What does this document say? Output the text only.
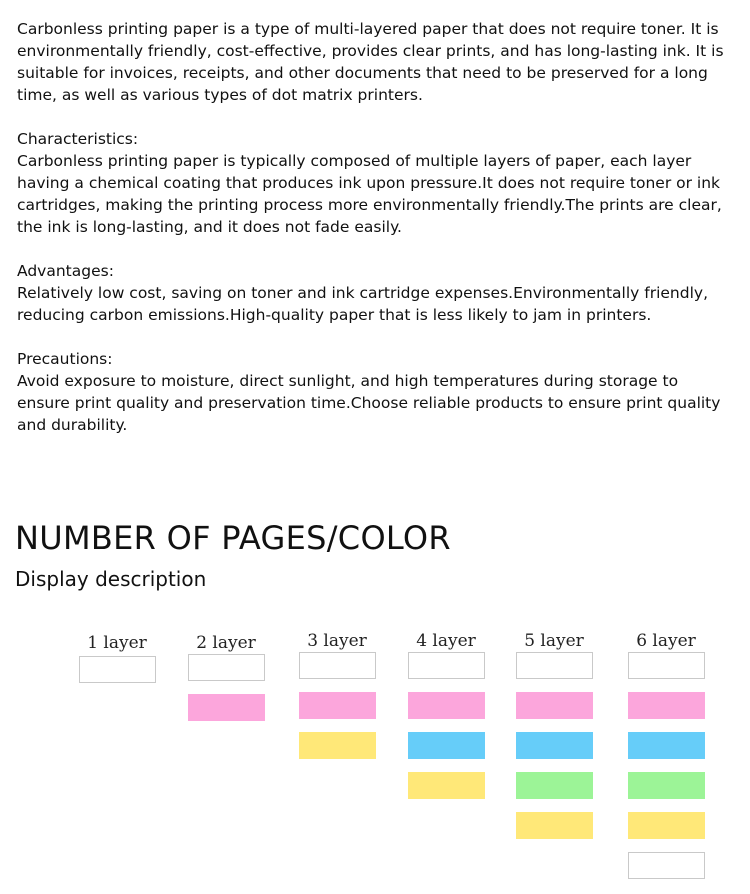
Carbonless printing paper is a type of multi-layered paper that does not require toner. It is environmentally friendly, cost-effective, provides clear prints, and has long-lasting ink. It is suitable for invoices, receipts, and other documents that need to be preserved for a long time, as well as various types of dot matrix printers.

Characteristics:

Carbonless printing paper is typically composed of multiple layers of paper, each layer having a chemical coating that produces ink upon pressure.It does not require toner or ink cartridges, making the printing process more environmentally friendly.The prints are clear, the ink is long-lasting, and it does not fade easily.

Advantages:

Relatively low cost, saving on toner and ink cartridge expenses.Environmentally friendly, reducing carbon emissions.High-quality paper that is less likely to jam in printers.

Precautions:

Avoid exposure to moisture, direct sunlight, and high temperatures during storage to ensure print quality and preservation time.Choose reliable products to ensure print quality and durability.

NUMBER OF PAGES/COLOR
Display description
1 layer	2 layer	3 layer	4 layer	5 layer	6 layer
